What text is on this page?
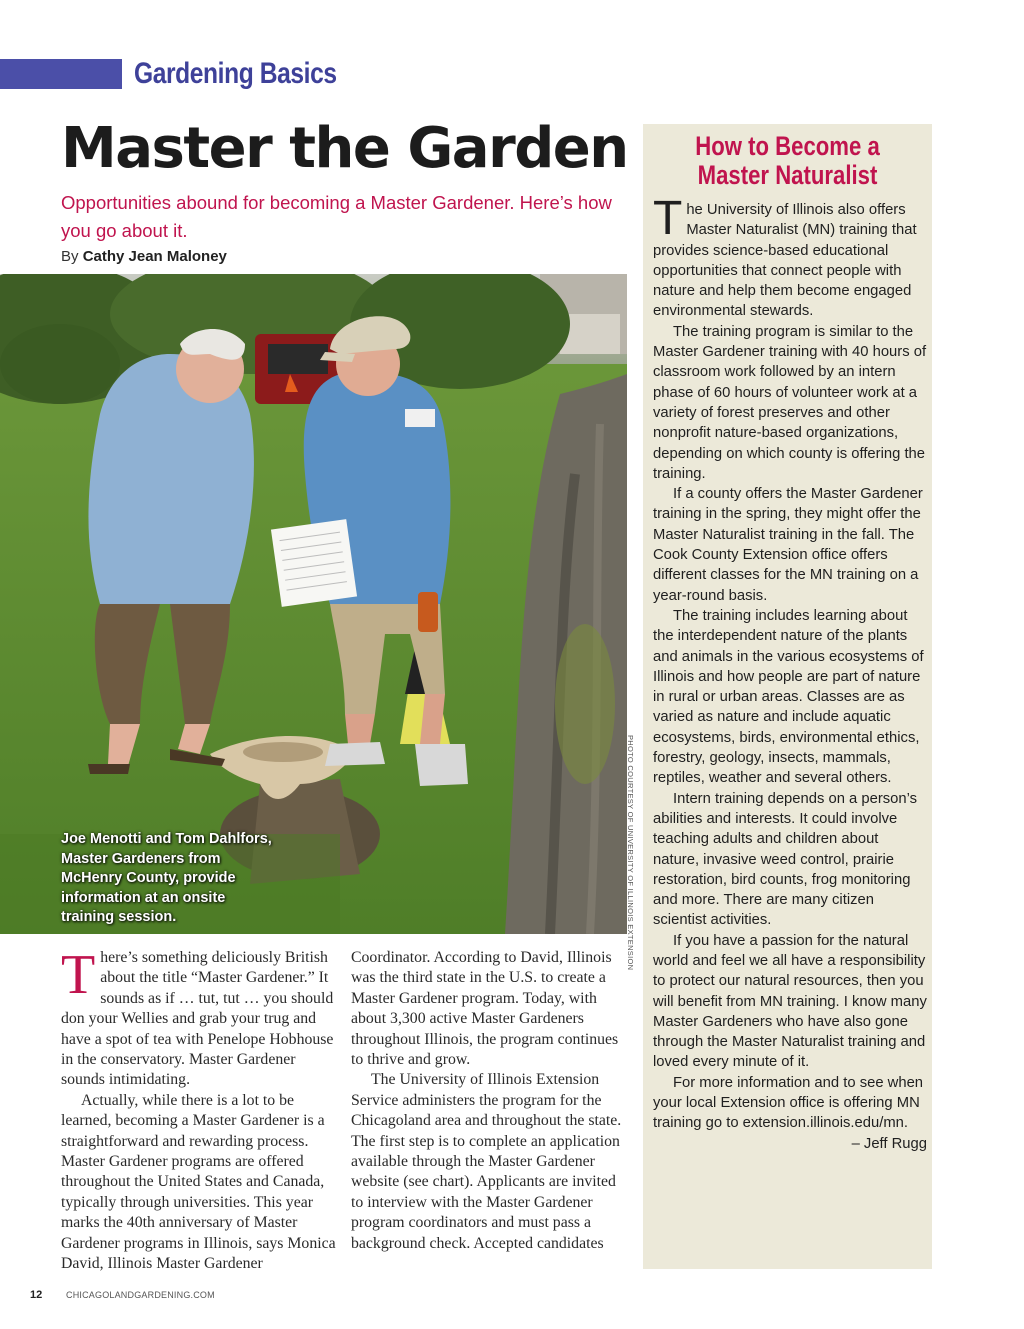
Gardening Basics
Master the Garden
Opportunities abound for becoming a Master Gardener. Here’s how you go about it.
By Cathy Jean Maloney
Joe Menotti and Tom Dahlfors, Master Gardeners from McHenry County, provide information at an onsite training session.	PHOTO COURTESY OF UNIVERSITY OF ILLINOIS EXTENSION

There’s something deliciously British about the title “Master Gardener.” It sounds as if … tut, tut … you should don your Wellies and grab your trug and have a spot of tea with Penelope Hobhouse in the conservatory. Master Gardener sounds intimidating.

Actually, while there is a lot to be learned, becoming a Master Gardener is a straightforward and rewarding process. Master Gardener programs are offered throughout the United States and Canada, typically through universities. This year marks the 40th anniversary of Master Gardener programs in Illinois, says Monica David, Illinois Master Gardener

Coordinator. According to David, Illinois was the third state in the U.S. to create a Master Gardener program. Today, with about 3,300 active Master Gardeners throughout Illinois, the program continues to thrive and grow.

The University of Illinois Extension Service administers the program for the Chicagoland area and throughout the state. The first step is to complete an application available through the Master Gardener website (see chart). Applicants are invited to interview with the Master Gardener program coordinators and must pass a background check. Accepted candidates

How to Become a Master Naturalist

The University of Illinois also offers Master Naturalist (MN) training that provides science-based educational opportunities that connect people with nature and help them become engaged environmental stewards.

The training program is similar to the Master Gardener training with 40 hours of classroom work followed by an intern phase of 60 hours of volunteer work at a variety of forest preserves and other nonprofit nature-based organizations, depending on which county is offering the training.

If a county offers the Master Gardener training in the spring, they might offer the Master Naturalist training in the fall. The Cook County Extension office offers different classes for the MN training on a year-round basis.

The training includes learning about the interdependent nature of the plants and animals in the various ecosystems of Illinois and how people are part of nature in rural or urban areas. Classes are as varied as nature and include aquatic ecosystems, birds, environmental ethics, forestry, geology, insects, mammals, reptiles, weather and several others.

Intern training depends on a person’s abilities and interests. It could involve teaching adults and children about nature, invasive weed control, prairie restoration, bird counts, frog monitoring and more. There are many citizen scientist activities.

If you have a passion for the natural world and feel we all have a responsibility to protect our natural resources, then you will benefit from MN training. I know many Master Gardeners who have also gone through the Master Naturalist training and loved every minute of it.

For more information and to see when your local Extension office is offering MN training go to extension.illinois.edu/mn.

– Jeff Rugg

12	CHICAGOLANDGARDENING.COM
